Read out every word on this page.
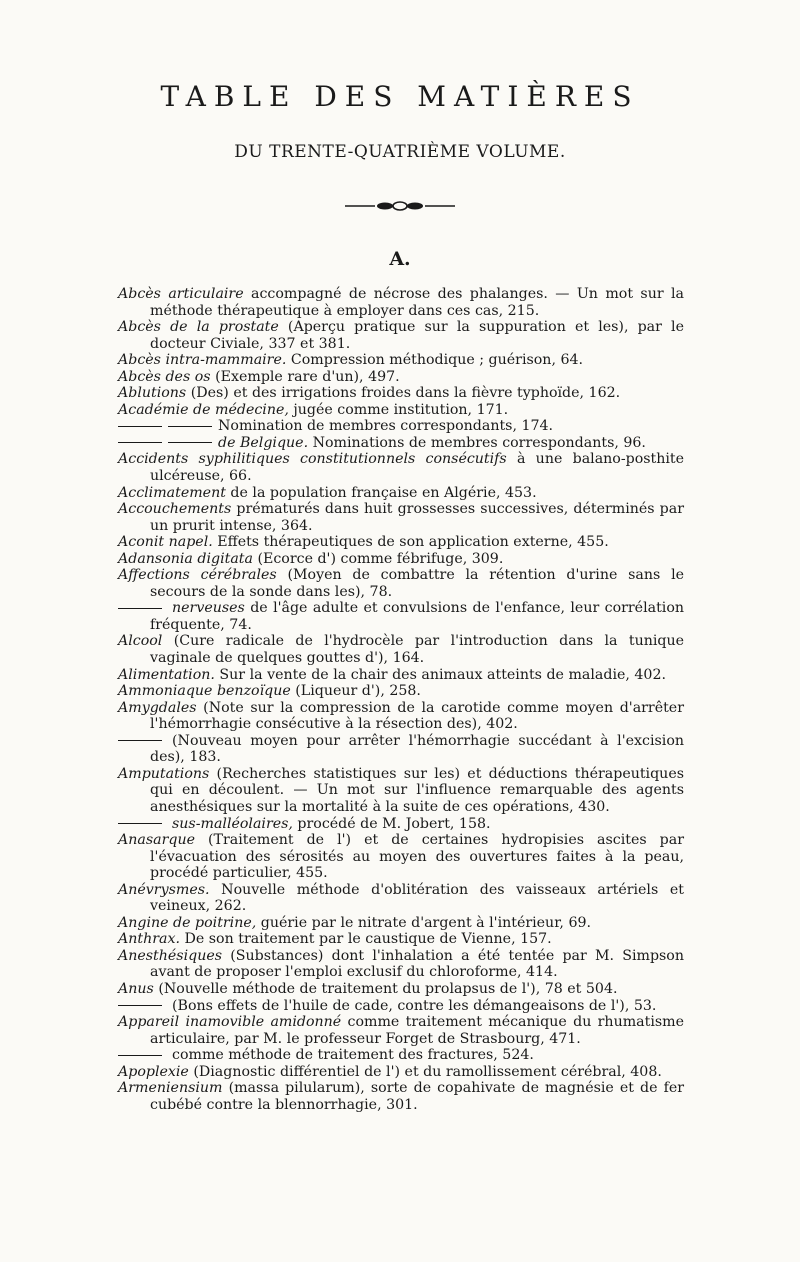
TABLE DES MATIÈRES
DU TRENTE-QUATRIÈME VOLUME.
A.

Abcès articulaire accompagné de nécrose des phalanges. — Un mot sur la méthode thérapeutique à employer dans ces cas, 215.

Abcès de la prostate (Aperçu pratique sur la suppuration et les), par le docteur Civiale, 337 et 381.

Abcès intra-mammaire. Compression méthodique ; guérison, 64.

Abcès des os (Exemple rare d'un), 497.

Ablutions (Des) et des irrigations froides dans la fièvre typhoïde, 162.

Académie de médecine, jugée comme institution, 171.

Nomination de membres correspondants, 174.

de Belgique. Nominations de membres correspondants, 96.

Accidents syphilitiques constitutionnels consécutifs à une balano-posthite ulcéreuse, 66.

Acclimatement de la population française en Algérie, 453.

Accouchements prématurés dans huit grossesses successives, déterminés par un prurit intense, 364.

Aconit napel. Effets thérapeutiques de son application externe, 455.

Adansonia digitata (Ecorce d') comme fébrifuge, 309.

Affections cérébrales (Moyen de combattre la rétention d'urine sans le secours de la sonde dans les), 78.

nerveuses de l'âge adulte et convulsions de l'enfance, leur corrélation fréquente, 74.

Alcool (Cure radicale de l'hydrocèle par l'introduction dans la tunique vaginale de quelques gouttes d'), 164.

Alimentation. Sur la vente de la chair des animaux atteints de maladie, 402.

Ammoniaque benzoïque (Liqueur d'), 258.

Amygdales (Note sur la compression de la carotide comme moyen d'arrêter l'hémorrhagie consécutive à la résection des), 402.

(Nouveau moyen pour arrêter l'hémorrhagie succédant à l'excision des), 183.

Amputations (Recherches statistiques sur les) et déductions thérapeutiques qui en découlent. — Un mot sur l'influence remarquable des agents anesthésiques sur la mortalité à la suite de ces opérations, 430.

sus-malléolaires, procédé de M. Jobert, 158.

Anasarque (Traitement de l') et de certaines hydropisies ascites par l'évacuation des sérosités au moyen des ouvertures faites à la peau, procédé particulier, 455.

Anévrysmes. Nouvelle méthode d'oblitération des vaisseaux artériels et veineux, 262.

Angine de poitrine, guérie par le nitrate d'argent à l'intérieur, 69.

Anthrax. De son traitement par le caustique de Vienne, 157.

Anesthésiques (Substances) dont l'inhalation a été tentée par M. Simpson avant de proposer l'emploi exclusif du chloroforme, 414.

Anus (Nouvelle méthode de traitement du prolapsus de l'), 78 et 504.

(Bons effets de l'huile de cade, contre les démangeaisons de l'), 53.

Appareil inamovible amidonné comme traitement mécanique du rhumatisme articulaire, par M. le professeur Forget de Strasbourg, 471.

comme méthode de traitement des fractures, 524.

Apoplexie (Diagnostic différentiel de l') et du ramollissement cérébral, 408.

Armeniensium (massa pilularum), sorte de copahivate de magnésie et de fer cubébé contre la blennorrhagie, 301.
